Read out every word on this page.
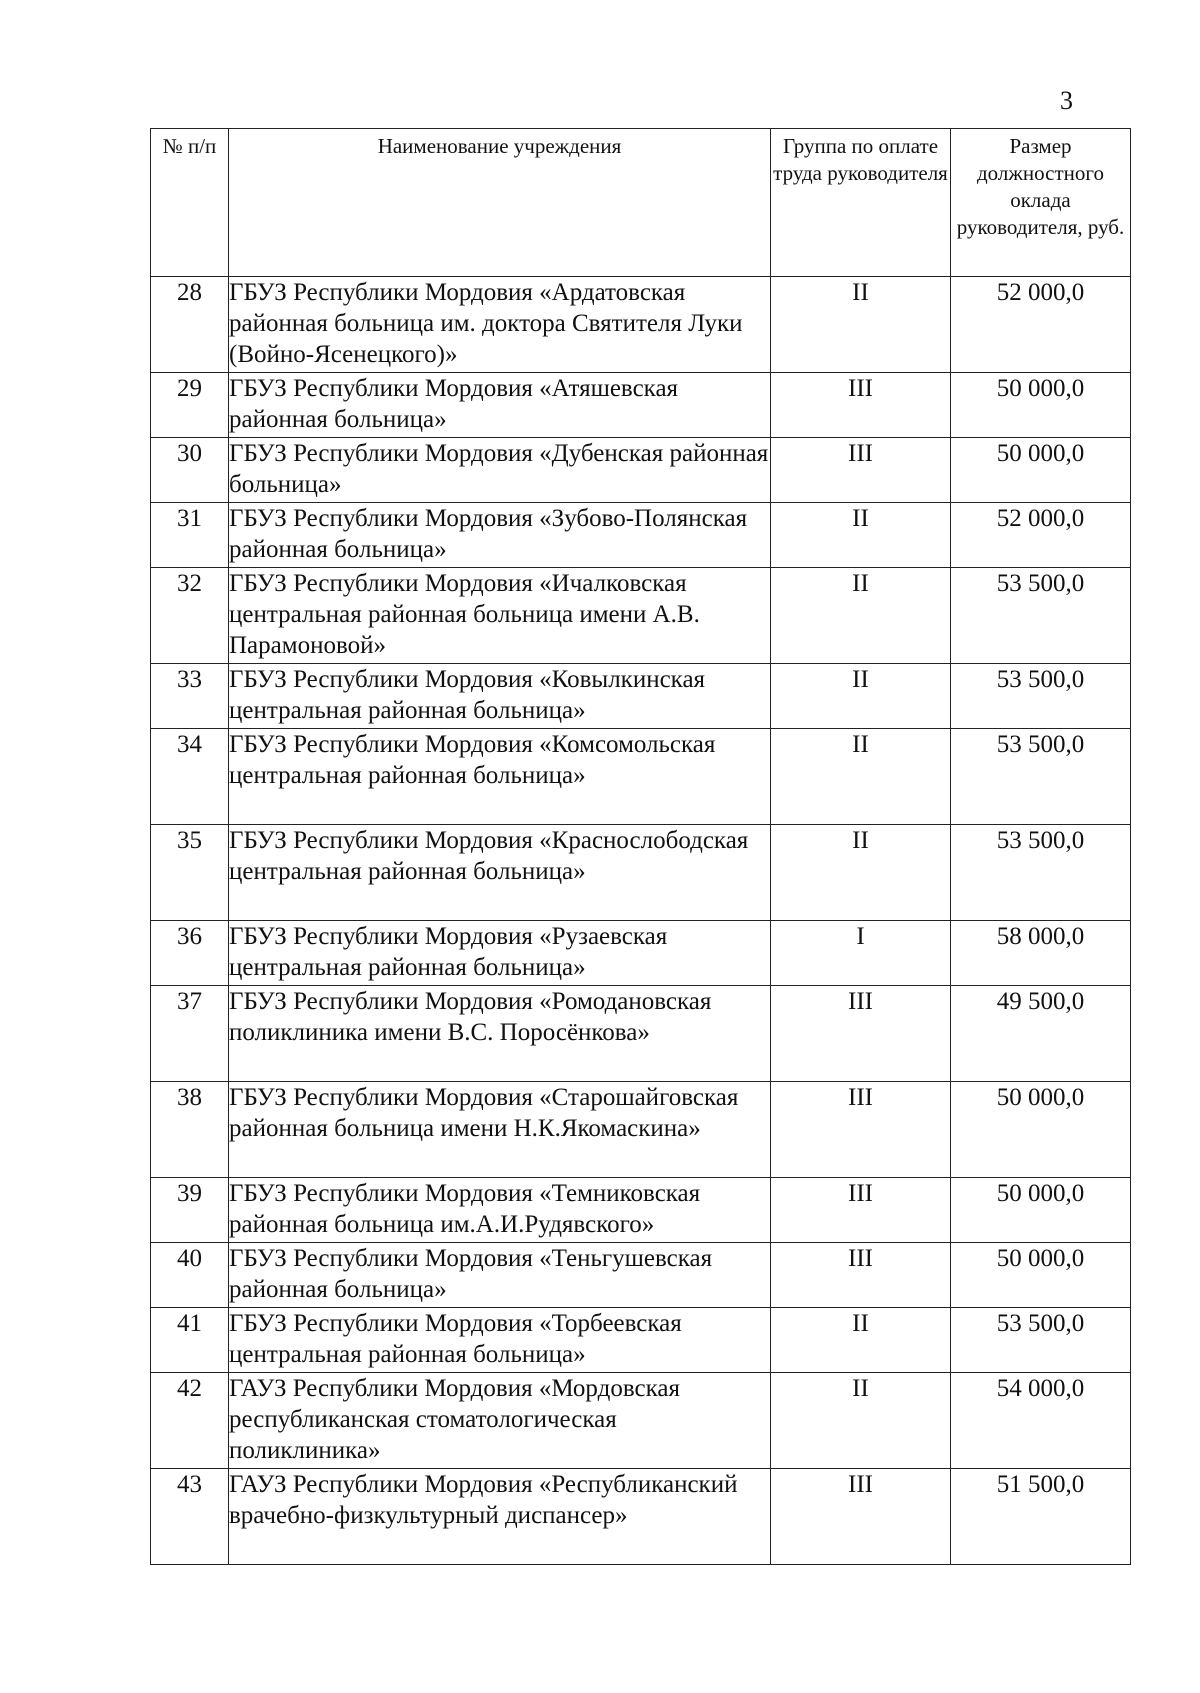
3
№ п/п	Наименование учреждения	Группа по оплате труда руководителя	Размер должностного оклада руководителя, руб.
28	ГБУЗ Республики Мордовия «Ардатовская районная больница им. доктора Святителя Луки (Войно-Ясенецкого)»	II	52 000,0
29	ГБУЗ Республики Мордовия «Атяшевская районная больница»	III	50 000,0
30	ГБУЗ Республики Мордовия «Дубенская районная больница»	III	50 000,0
31	ГБУЗ Республики Мордовия «Зубово-Полянская районная больница»	II	52 000,0
32	ГБУЗ Республики Мордовия «Ичалковская центральная районная больница имени А.В. Парамоновой»	II	53 500,0
33	ГБУЗ Республики Мордовия «Ковылкинская центральная районная больница»	II	53 500,0
34	ГБУЗ Республики Мордовия «Комсомольская центральная районная больница»	II	53 500,0
35	ГБУЗ Республики Мордовия «Краснослободская центральная районная больница»	II	53 500,0
36	ГБУЗ Республики Мордовия «Рузаевская центральная районная больница»	I	58 000,0
37	ГБУЗ Республики Мордовия «Ромодановская поликлиника имени В.С. Поросёнкова»	III	49 500,0
38	ГБУЗ Республики Мордовия «Старошайговская районная больница имени Н.К.Якомаскина»	III	50 000,0
39	ГБУЗ Республики Мордовия «Темниковская районная больница им.А.И.Рудявского»	III	50 000,0
40	ГБУЗ Республики Мордовия «Теньгушевская районная больница»	III	50 000,0
41	ГБУЗ Республики Мордовия «Торбеевская центральная районная больница»	II	53 500,0
42	ГАУЗ Республики Мордовия «Мордовская республиканская стоматологическая поликлиника»	II	54 000,0
43	ГАУЗ Республики Мордовия «Республиканский врачебно-физкультурный диспансер»	III	51 500,0
